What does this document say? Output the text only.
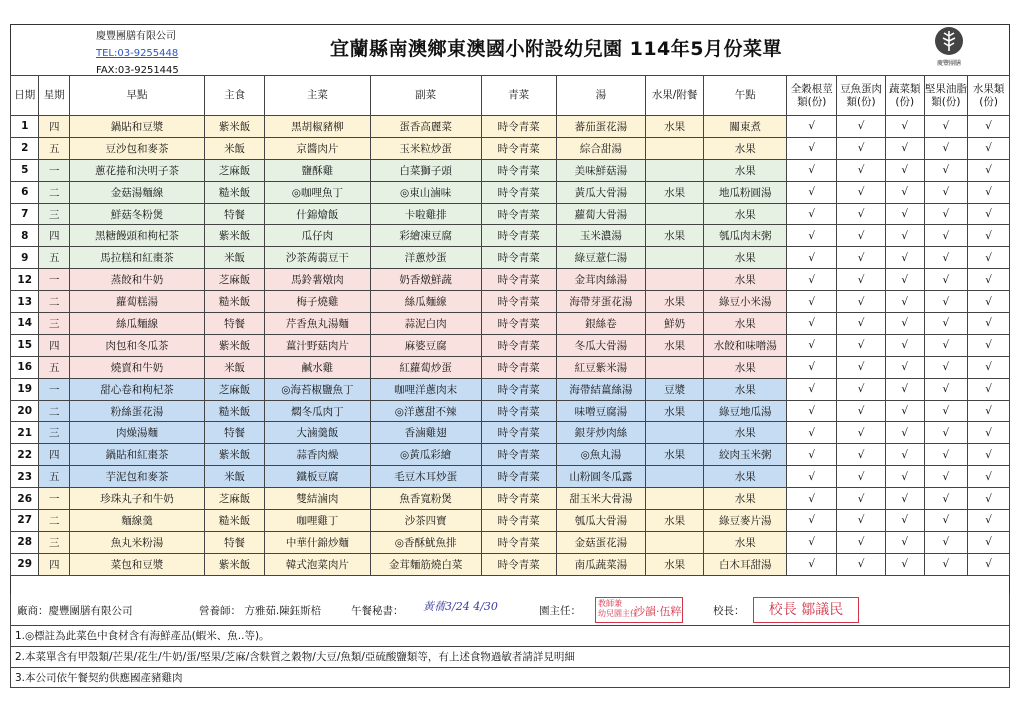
慶豐團膳有限公司
TEL:03-9255448
FAX:03-9251445
宜蘭縣南澳鄉東澳國小附設幼兒園 114年5月份菜單
慶豐團膳
日期	星期	早點	主食	主菜	副菜	青菜	湯	水果/附餐	午點	全穀根莖類(份)	豆魚蛋肉類(份)	蔬菜類(份)	堅果油脂類(份)	水果類(份)
1	四	鍋貼和豆漿	紫米飯	黑胡椒豬柳	蛋香高麗菜	時令青菜	蕃茄蛋花湯	水果	關東煮	√	√	√	√	√
2	五	豆沙包和麥茶	米飯	京醬肉片	玉米粒炒蛋	時令青菜	綜合甜湯		水果	√	√	√	√	√
5	一	蔥花捲和決明子茶	芝麻飯	鹽酥雞	白菜獅子頭	時令青菜	美味鮮菇湯		水果	√	√	√	√	√
6	二	金菇湯麵線	糙米飯	◎咖哩魚丁	◎東山滷味	時令青菜	黃瓜大骨湯	水果	地瓜粉圓湯	√	√	√	√	√
7	三	鮮菇冬粉煲	特餐	什錦燴飯	卡啦雞排	時令青菜	蘿蔔大骨湯		水果	√	√	√	√	√
8	四	黑糖饅頭和枸杞茶	紫米飯	瓜仔肉	彩繪凍豆腐	時令青菜	玉米濃湯	水果	瓠瓜肉末粥	√	√	√	√	√
9	五	馬拉糕和紅棗茶	米飯	沙茶蒟蒻豆干	洋蔥炒蛋	時令青菜	綠豆薏仁湯		水果	√	√	√	√	√
12	一	蒸餃和牛奶	芝麻飯	馬鈴薯燉肉	奶香燉鮮蔬	時令青菜	金茸肉絲湯		水果	√	√	√	√	√
13	二	蘿蔔糕湯	糙米飯	梅子燒雞	絲瓜麵線	時令青菜	海帶芽蛋花湯	水果	綠豆小米湯	√	√	√	√	√
14	三	絲瓜麵線	特餐	芹香魚丸湯麵	蒜泥白肉	時令青菜	銀絲卷	鮮奶	水果	√	√	√	√	√
15	四	肉包和冬瓜茶	紫米飯	薑汁野菇肉片	麻婆豆腐	時令青菜	冬瓜大骨湯	水果	水餃和味噌湯	√	√	√	√	√
16	五	燒賣和牛奶	米飯	鹹水雞	紅蘿蔔炒蛋	時令青菜	紅豆紫米湯		水果	√	√	√	√	√
19	一	甜心卷和枸杞茶	芝麻飯	◎海苔椒鹽魚丁	咖哩洋蔥肉末	時令青菜	海帶結薑絲湯	豆漿	水果	√	√	√	√	√
20	二	粉絲蛋花湯	糙米飯	燜冬瓜肉丁	◎洋蔥甜不辣	時令青菜	味噌豆腐湯	水果	綠豆地瓜湯	√	√	√	√	√
21	三	肉燥湯麵	特餐	大滷羹飯	香滷雞翅	時令青菜	銀芽炒肉絲		水果	√	√	√	√	√
22	四	鍋貼和紅棗茶	紫米飯	蒜香肉燥	◎黃瓜彩繪	時令青菜	◎魚丸湯	水果	絞肉玉米粥	√	√	√	√	√
23	五	芋泥包和麥茶	米飯	鐵板豆腐	毛豆木耳炒蛋	時令青菜	山粉圓冬瓜露		水果	√	√	√	√	√
26	一	珍珠丸子和牛奶	芝麻飯	雙結滷肉	魚香寬粉煲	時令青菜	甜玉米大骨湯		水果	√	√	√	√	√
27	二	麵線羹	糙米飯	咖哩雞丁	沙茶四寶	時令青菜	瓠瓜大骨湯	水果	綠豆麥片湯	√	√	√	√	√
28	三	魚丸米粉湯	特餐	中華什錦炒麵	◎香酥魷魚排	時令青菜	金菇蛋花湯		水果	√	√	√	√	√
29	四	菜包和豆漿	紫米飯	韓式泡菜肉片	金茸麵筋燒白菜	時令青菜	南瓜蔬菜湯	水果	白木耳甜湯	√	√	√	√	√
廠商：慶豐團膳有限公司	營養師： 方雅茹.陳鈺斯棓	午餐秘書： 黃蒨3/24 4/30	園主任：
教師兼
幼兒園主任
沙韻·伍粹	校長：	校長 鄒議民
1.◎標註為此菜色中食材含有海鮮產品(蝦米、魚..等)。
2.本菜單含有甲殼類/芒果/花生/牛奶/蛋/堅果/芝麻/含麩質之穀物/大豆/魚類/亞硫酸鹽類等，有上述食物過敏者請詳見明細
3.本公司依午餐契約供應國產豬雞肉
